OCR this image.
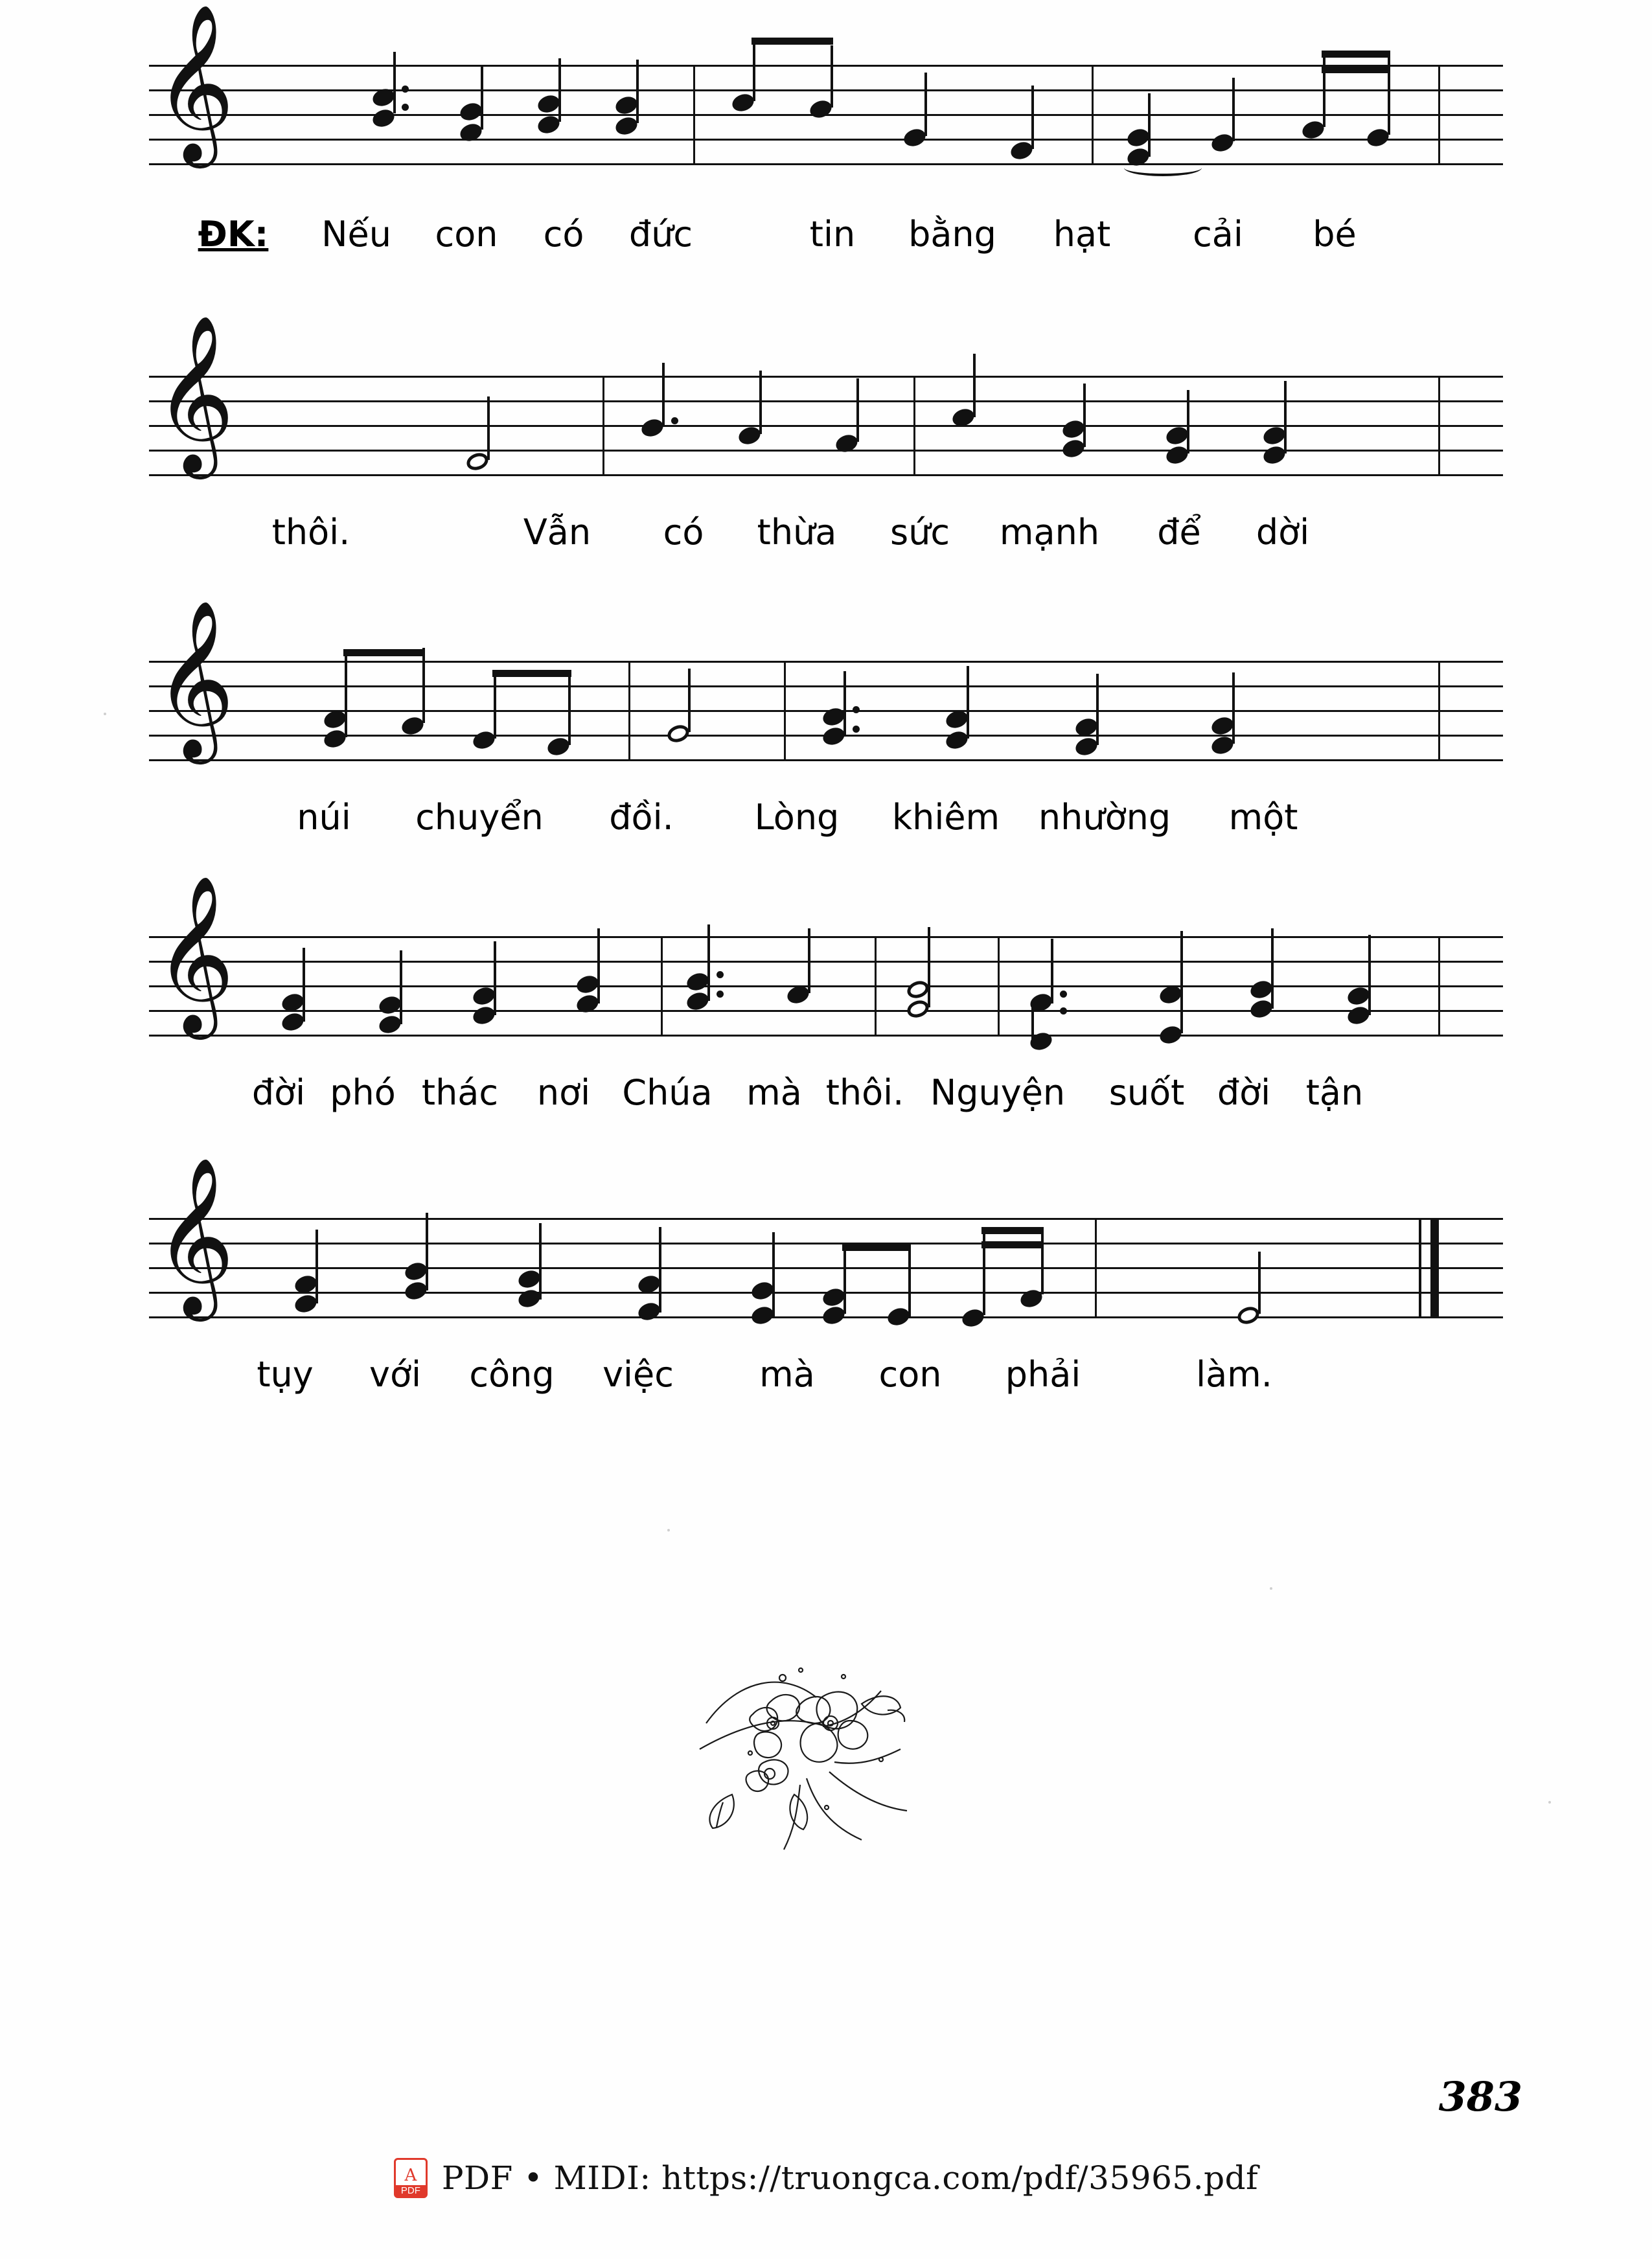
𝄞
ĐK: Nếu con có đức	tin bằng hạt cải bé
𝄞
thôi.	Vẫn có thừa sức mạnh để dời
𝄞
núi chuyển đồi. Lòng khiêm nhường một
𝄞
đời phó thác nơi Chúa mà thôi. Nguyện suốt đời tận
𝄞
tụy với công việc mà con phải	làm.
383
A
PDF PDF • MIDI: https://truongca.com/pdf/35965.pdf
